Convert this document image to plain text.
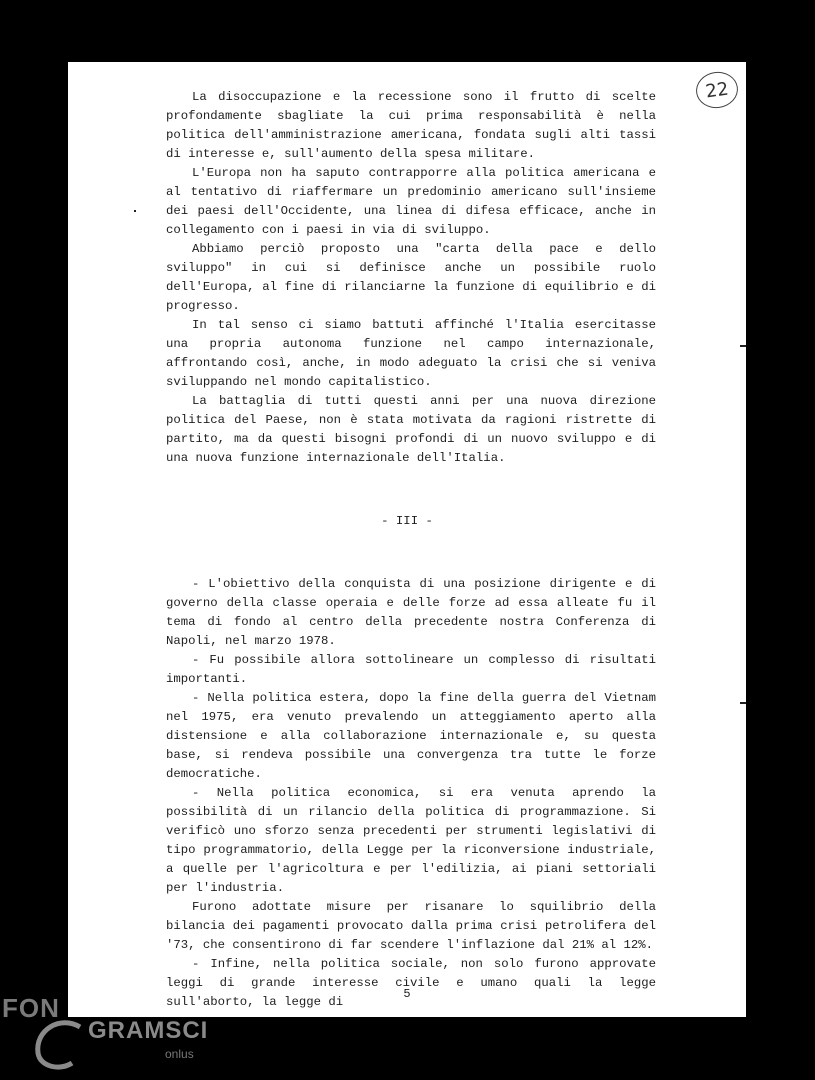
22

La disoccupazione e la recessione sono il frutto di scelte profondamente sbagliate la cui prima responsabilità è nella politica dell'amministrazione americana, fondata sugli alti tassi di interesse e, sull'aumento della spesa militare.

L'Europa non ha saputo contrapporre alla politica americana e al tentativo di riaffermare un predominio americano sull'insieme dei paesi dell'Occidente, una linea di difesa efficace, anche in collegamento con i paesi in via di sviluppo.

Abbiamo perciò proposto una "carta della pace e dello sviluppo" in cui si definisce anche un possibile ruolo dell'Europa, al fine di rilanciarne la funzione di equilibrio e di progresso.

In tal senso ci siamo battuti affinché l'Italia esercitasse una propria autonoma funzione nel campo internazionale, affrontando così, anche, in modo adeguato la crisi che si veniva sviluppando nel mondo capitalistico.

La battaglia di tutti questi anni per una nuova direzione politica del Paese, non è stata motivata da ragioni ristrette di partito, ma da questi bisogni profondi di un nuovo sviluppo e di una nuova funzione internazionale dell'Italia.

- III -

- L'obiettivo della conquista di una posizione dirigente e di governo della classe operaia e delle forze ad essa alleate fu il tema di fondo al centro della precedente nostra Conferenza di Napoli, nel marzo 1978.

- Fu possibile allora sottolineare un complesso di risultati importanti.

- Nella politica estera, dopo la fine della guerra del Vietnam nel 1975, era venuto prevalendo un atteggiamento aperto alla distensione e alla collaborazione internazionale e, su questa base, si rendeva possibile una convergenza tra tutte le forze democratiche.

- Nella politica economica, si era venuta aprendo la possibilità di un rilancio della politica di programmazione. Si verificò uno sforzo senza precedenti per strumenti legislativi di tipo programmatorio, della Legge per la riconversione industriale, a quelle per l'agricoltura e per l'edilizia, ai piani settoriali per l'industria.

Furono adottate misure per risanare lo squilibrio della bilancia dei pagamenti provocato dalla prima crisi petrolifera del '73, che consentirono di far scendere l'inflazione dal 21% al 12%.

- Infine, nella politica sociale, non solo furono approvate leggi di grande interesse civile e umano quali la legge sull'aborto, la legge di

5
FON
GRAMSCI
onlus
